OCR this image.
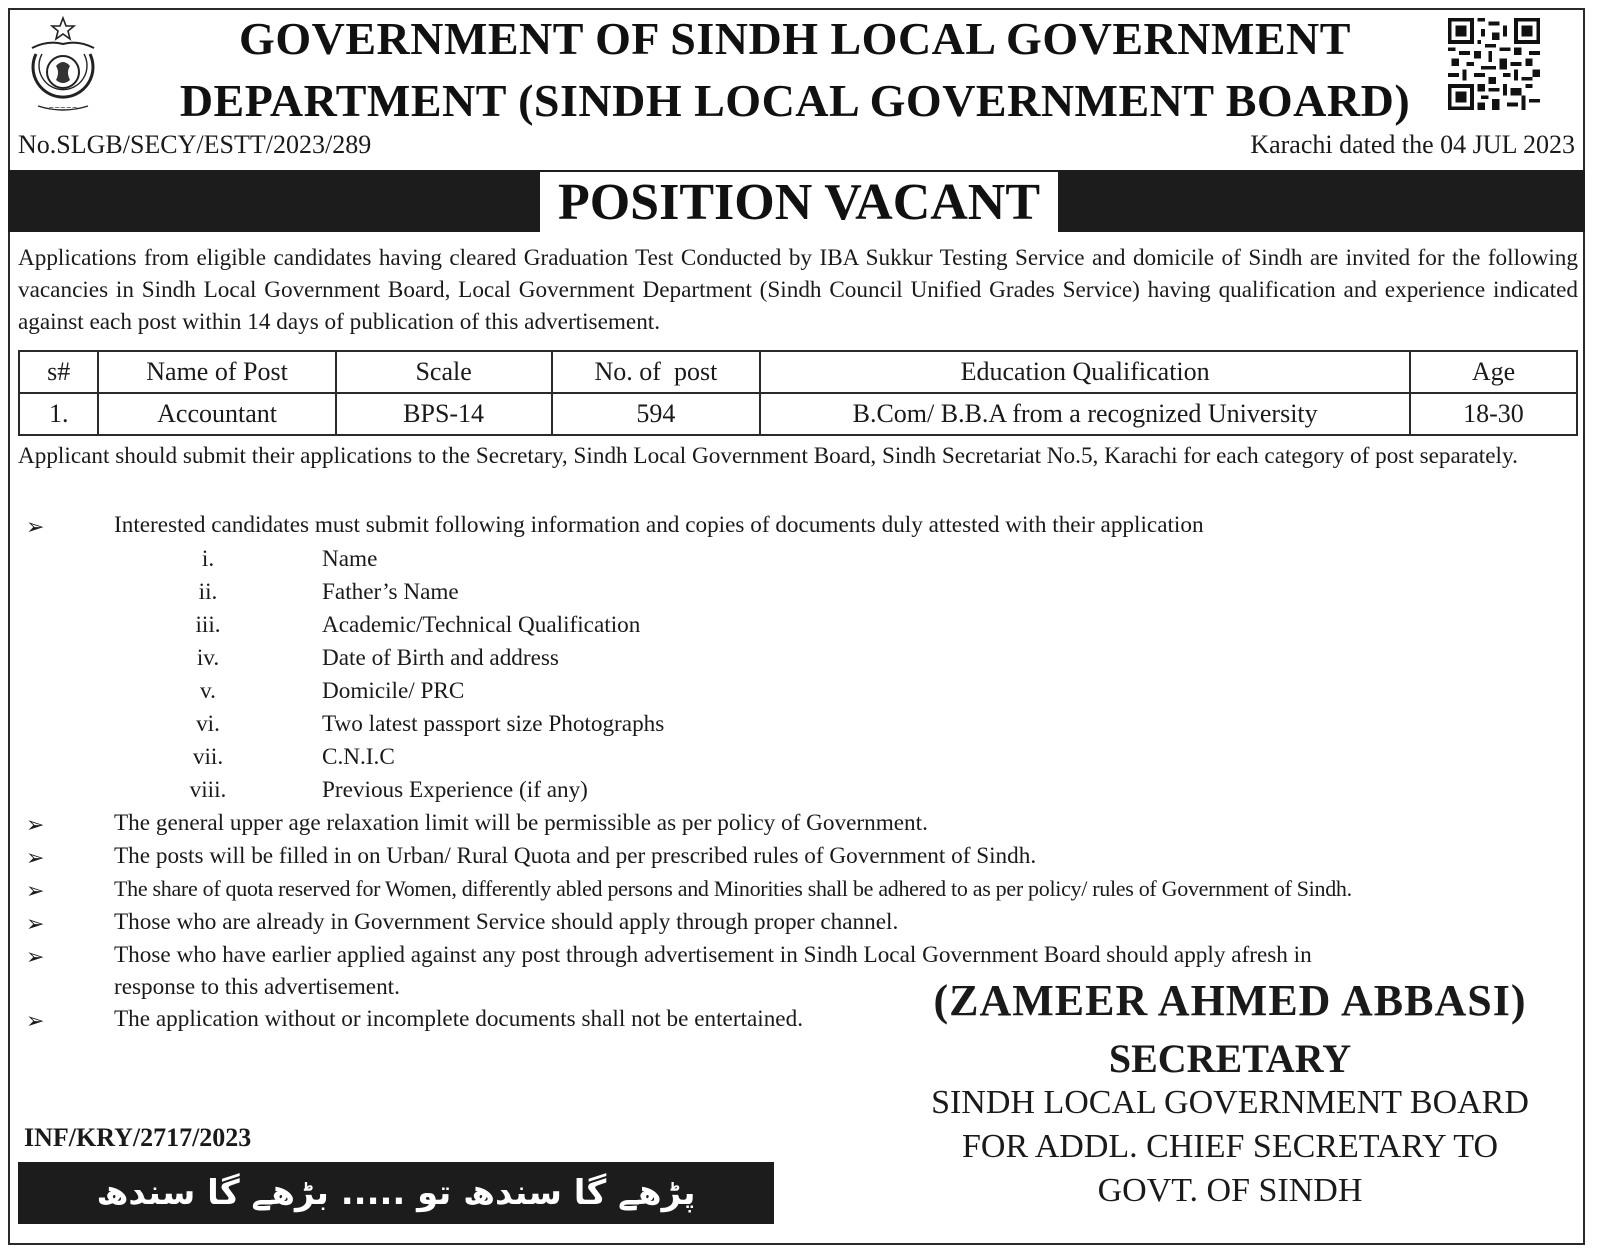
~~~~~
GOVERNMENT OF SINDH LOCAL GOVERNMENT
DEPARTMENT (SINDH LOCAL GOVERNMENT BOARD)
No.SLGB/SECY/ESTT/2023/289	Karachi dated the 04 JUL 2023
POSITION VACANT
Applications from eligible candidates having cleared Graduation Test Conducted by IBA Sukkur Testing Service and domicile of Sindh are invited for the following vacancies in Sindh Local Government Board, Local Government Department (Sindh Council Unified Grades Service) having qualification and experience indicated against each post within 14 days of publication of this advertisement.
s#	Name of Post	Scale	No. of  post	Education Qualification	Age
1.	Accountant	BPS-14	594	B.Com/ B.B.A from a recognized University	18-30
Applicant should submit their applications to the Secretary, Sindh Local Government Board, Sindh Secretariat No.5, Karachi for each category of post separately.
➢	Interested candidates must submit following information and copies of documents duly attested with their application
i.	Name
ii.	Father’s Name
iii.	Academic/Technical Qualification
iv.	Date of Birth and address
v.	Domicile/ PRC
vi.	Two latest passport size Photographs
vii.	C.N.I.C
viii.	Previous Experience (if any)
➢	The general upper age relaxation limit will be permissible as per policy of Government.
➢	The posts will be filled in on Urban/ Rural Quota and per prescribed rules of Government of Sindh.
➢	The share of quota reserved for Women, differently abled persons and Minorities shall be adhered to as per policy/ rules of Government of Sindh.
➢	Those who are already in Government Service should apply through proper channel.
➢	Those who have earlier applied against any post through advertisement in Sindh Local Government Board should apply afresh in
response to this advertisement.
➢	The application without or incomplete documents shall not be entertained.	(ZAMEER AHMED ABBASI)
SECRETARY
SINDH LOCAL GOVERNMENT BOARD
FOR ADDL. CHIEF SECRETARY TO
GOVT. OF SINDH
INF/KRY/2717/2023
پڑھے گا سندھ تو ..... بڑھے گا سندھ
